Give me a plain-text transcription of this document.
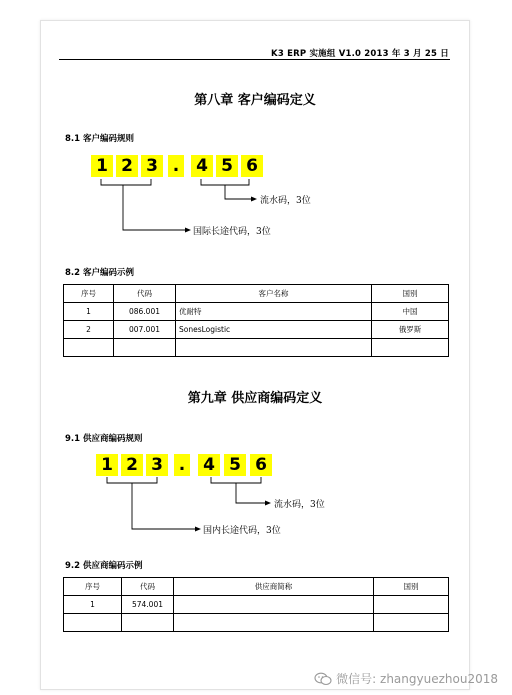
K3 ERP 实施组 V1.0 2013 年 3 月 25 日
第八章 客户编码定义
8.1 客户编码规则
1 2 3 . 4 5 6
流水码，3位
国际长途代码，3位
8.2 客户编码示例
序号	代码	客户名称	国别
1	086.001	优耐特	中国
2	007.001	SonesLogistic	俄罗斯

第九章 供应商编码定义
9.1 供应商编码规则
1 2 3 . 4 5 6
流水码，3位
国内长途代码，3位
9.2 供应商编码示例
序号	代码	供应商简称	国别
1	574.001		

微信号: zhangyuezhou2018
